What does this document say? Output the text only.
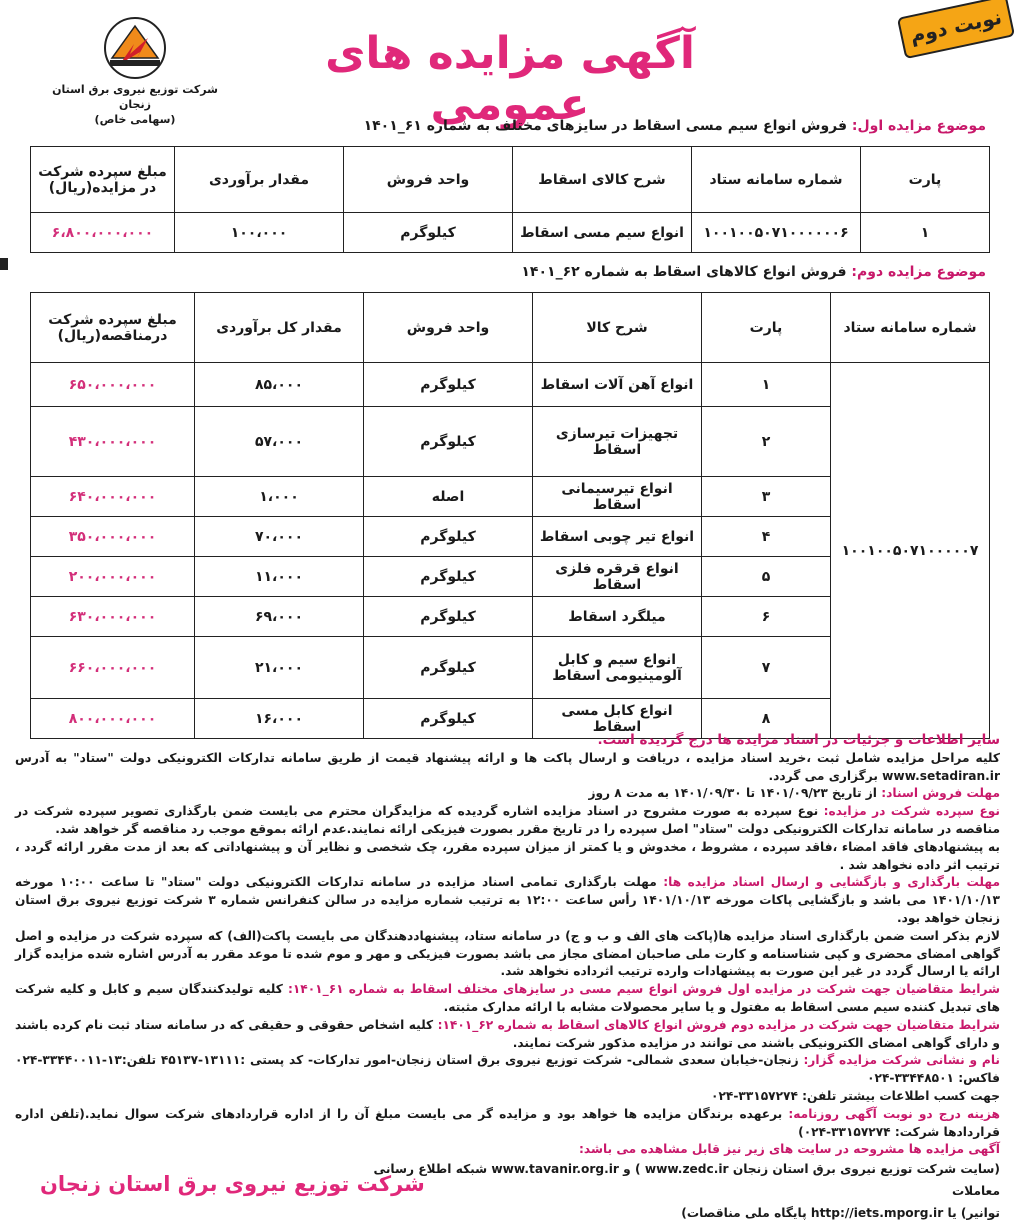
نوبت دوم
آگهی مزایده های عمومی
شرکت توزیع نیروی برق استان زنجان
(سهامی خاص)	موضوع مزایده اول: فروش انواع سیم مسی اسقاط در سایزهای مختلف به شماره ۶۱_۱۴۰۱
پارت	شماره سامانه ستاد	شرح کالای اسقاط	واحد فروش	مقدار برآوردی	مبلغ سپرده شرکت در مزایده(ریال)
۱	۱۰۰۱۰۰۵۰۷۱۰۰۰۰۰۰۶	انواع سیم مسی اسقاط	کیلوگرم	۱۰۰،۰۰۰	۶،۸۰۰،۰۰۰،۰۰۰
موضوع مزایده دوم: فروش انواع کالاهای اسقاط به شماره ۶۲_۱۴۰۱
شماره سامانه ستاد	پارت	شرح کالا	واحد فروش	مقدار کل برآوردی	مبلغ سپرده شرکت درمناقصه(ریال)
۱۰۰۱۰۰۵۰۷۱۰۰۰۰۰۷	۱	انواع آهن آلات اسقاط	کیلوگرم	۸۵،۰۰۰	۶۵۰،۰۰۰،۰۰۰
	۲	تجهیزات تیرسازی اسقاط	کیلوگرم	۵۷،۰۰۰	۴۳۰،۰۰۰،۰۰۰
	۳	انواع تیرسیمانی اسقاط	اصله	۱،۰۰۰	۶۴۰،۰۰۰،۰۰۰
	۴	انواع تیر چوبی اسقاط	کیلوگرم	۷۰،۰۰۰	۳۵۰،۰۰۰،۰۰۰
	۵	انواع قرقره فلزی اسقاط	کیلوگرم	۱۱،۰۰۰	۲۰۰،۰۰۰،۰۰۰
	۶	میلگرد اسقاط	کیلوگرم	۶۹،۰۰۰	۶۳۰،۰۰۰،۰۰۰
	۷	انواع سیم و کابل آلومینیومی اسقاط	کیلوگرم	۲۱،۰۰۰	۶۶۰،۰۰۰،۰۰۰
	۸	انواع کابل مسی اسقاط	کیلوگرم	۱۶،۰۰۰	۸۰۰،۰۰۰،۰۰۰

سایر اطلاعات و جزئیات در اسناد مزایده ها درج گردیده است.

کلیه مراحل مزایده شامل ثبت ،خرید اسناد مزایده ، دریافت و ارسال پاکت ها و ارائه پیشنهاد قیمت از طریق سامانه تدارکات الکترونیکی دولت "ستاد" به آدرس www.setadiran.ir برگزاری می گردد.

مهلت فروش اسناد: از تاریخ ۱۴۰۱/۰۹/۲۳ تا ۱۴۰۱/۰۹/۳۰ به مدت ۸ روز

نوع سپرده شرکت در مزایده: نوع سپرده به صورت مشروح در اسناد مزایده اشاره گردیده که مزایدگران محترم می بایست ضمن بارگذاری تصویر سپرده شرکت در مناقصه در سامانه تدارکات الکترونیکی دولت "ستاد" اصل سپرده را در تاریخ مقرر بصورت فیزیکی ارائه نمایند.عدم ارائه بموقع موجب رد مناقصه گر خواهد شد.

به پیشنهادهای فاقد امضاء ،فاقد سپرده ، مشروط ، مخدوش و یا کمتر از میزان سپرده مقرر، چک شخصی و نظایر آن و پیشنهاداتی که بعد از مدت مقرر ارائه گردد ، ترتیب اثر داده نخواهد شد .

مهلت بارگذاری و بازگشایی و ارسال اسناد مزایده ها: مهلت بارگذاری تمامی اسناد مزایده در سامانه تدارکات الکترونیکی دولت "ستاد" تا ساعت ۱۰:۰۰ مورخه ۱۴۰۱/۱۰/۱۳ می باشد و بازگشایی پاکات مورخه ۱۴۰۱/۱۰/۱۳ رأس ساعت ۱۲:۰۰ به ترتیب شماره مزایده در سالن کنفرانس شماره ۳ شرکت توزیع نیروی برق استان زنجان خواهد بود.

لازم بذکر است ضمن بارگذاری اسناد مزایده ها(پاکت های الف و ب و ج) در سامانه ستاد، پیشنهاددهندگان می بایست پاکت(الف) که سپرده شرکت در مزایده و اصل گواهی امضای محضری و کپی شناسنامه و کارت ملی صاحبان امضای مجاز می باشد بصورت فیزیکی و مهر و موم شده تا موعد مقرر به آدرس اشاره شده مزایده گزار ارائه یا ارسال گردد در غیر این صورت به پیشنهادات وارده ترتیب اثرداده نخواهد شد.

شرایط متقاضیان جهت شرکت در مزایده اول فروش انواع سیم مسی در سایزهای مختلف اسقاط به شماره ۶۱_۱۴۰۱: کلیه تولیدکنندگان سیم و کابل و کلیه شرکت های تبدیل کننده سیم مسی اسقاط به مفتول و یا سایر محصولات مشابه با ارائه مدارک مثبته.

شرایط متقاضیان جهت شرکت در مزایده دوم فروش انواع کالاهای اسقاط به شماره ۶۲_۱۴۰۱: کلیه اشخاص حقوقی و حقیقی که در سامانه ستاد ثبت نام کرده باشند و دارای گواهی امضای الکترونیکی باشند می توانند در مزایده مذکور شرکت نمایند.

نام و نشانی شرکت مزایده گزار: زنجان-خیابان سعدی شمالی- شرکت توزیع نیروی برق استان زنجان-امور تدارکات- کد پستی :۱۳۱۱۱-۴۵۱۳۷ تلفن:۱۳-۳۳۴۴۰۰۱۱-۰۲۴ فاکس: ۳۳۴۴۸۵۰۱-۰۲۴

جهت کسب اطلاعات بیشتر تلفن: ۳۳۱۵۷۲۷۴-۰۲۴

هزینه درج دو نوبت آگهی روزنامه: برعهده برندگان مزایده ها خواهد بود و مزایده گر می بایست مبلغ آن را از اداره قراردادهای شرکت سوال نماید.(تلفن اداره قراردادها شرکت: ۳۳۱۵۷۲۷۴-۰۲۴)

آگهی مزایده ها مشروحه در سایت های زیر نیز قابل مشاهده می باشد:

(سایت شرکت توزیع نیروی برق استان زنجان www.zedc.ir ) و www.tavanir.org.ir شبکه اطلاع رسانی معاملات
توانیر) یا http://iets.mporg.ir پایگاه ملی مناقصات)
شرکت توزیع نیروی برق استان زنجان
